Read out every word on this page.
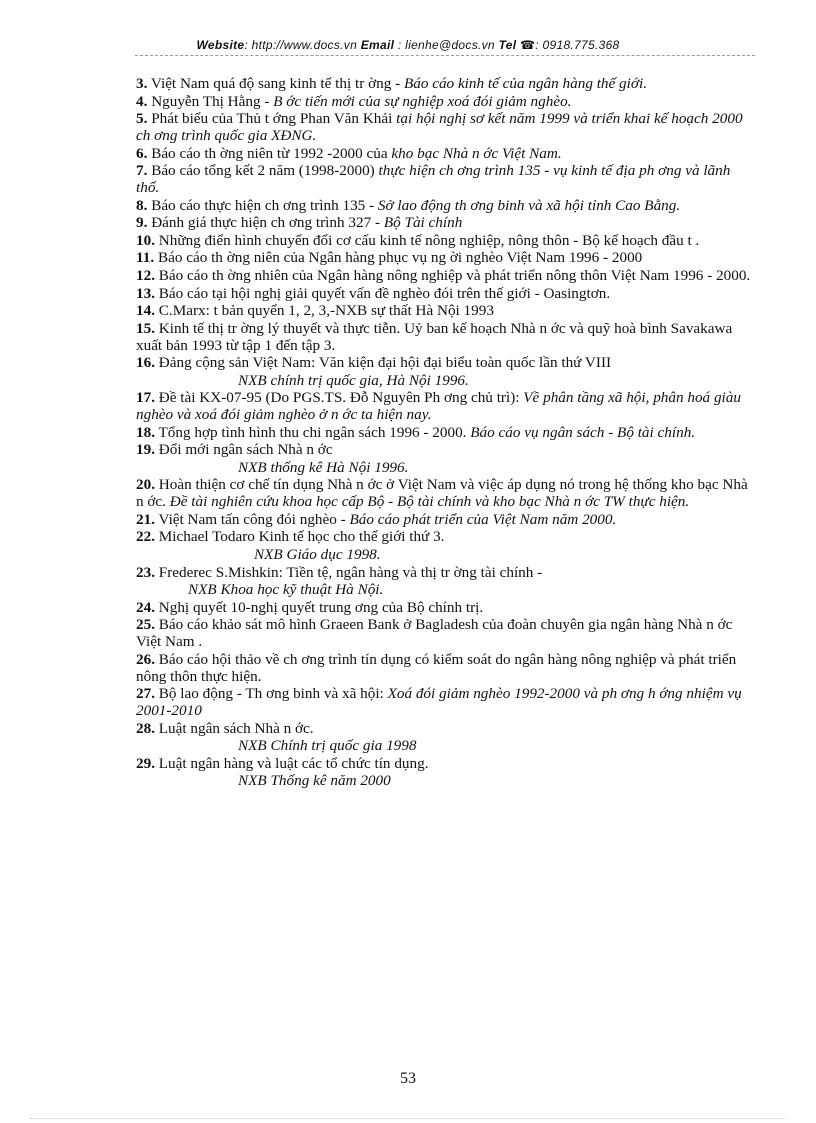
Website: http://www.docs.vn Email : lienhe@docs.vn Tel ☎: 0918.775.368
3. Việt Nam quá độ sang kinh tế thị tr ờng - Báo cáo kinh tế của ngân hàng thế giới.
4. Nguyễn Thị Hằng - B ớc tiến mới của sự nghiệp xoá đói giảm nghèo.
5. Phát biểu của Thủ t ớng Phan Văn Khải tại hội nghị sơ kết năm 1999 và triển khai kế hoạch 2000 ch ơng trình quốc gia XĐNG.
6. Báo cáo th ờng niên từ 1992 -2000 của kho bạc Nhà n ớc Việt Nam.
7. Báo cáo tổng kết 2 năm (1998-2000) thực hiện ch ơng trình 135 - vụ kinh tế địa ph ơng và lãnh thổ.
8. Báo cáo thực hiện ch ơng trình 135 - Sở lao động th ơng binh và xã hội tỉnh Cao Bằng.
9. Đánh giá thực hiện ch ơng trình 327 - Bộ Tài chính
10. Những điển hình chuyển đổi cơ cấu kinh tế nông nghiệp, nông thôn - Bộ kế hoạch đầu t .
11. Báo cáo th ờng niên của Ngân hàng phục vụ ng ời nghèo Việt Nam 1996 - 2000
12. Báo cáo th ờng nhiên của Ngân hàng nông nghiệp và phát triển nông thôn Việt Nam 1996 - 2000.
13. Báo cáo tại hội nghị giải quyết vấn đề nghèo đói trên thế giới - Oasingtơn.
14. C.Marx: t bản quyển 1, 2, 3,-NXB sự thất Hà Nội 1993
15. Kinh tế thị tr ờng lý thuyết và thực tiễn. Uỷ ban kế hoạch Nhà n ớc và quỹ hoà bình Savakawa xuất bản 1993 từ tập 1 đến tập 3.
16. Đảng cộng sản Việt Nam: Văn kiện đại hội đại biểu toàn quốc lần thứ VIII
NXB chính trị quốc gia, Hà Nội 1996.
17. Đề tài KX-07-95 (Do PGS.TS. Đỗ Nguyên Ph ơng chủ trì): Về phân tầng xã hội, phân hoá giàu nghèo và xoá đói giảm nghèo ở n ớc ta hiện nay.
18. Tổng hợp tình hình thu chi ngân sách 1996 - 2000. Báo cáo vụ ngân sách - Bộ tài chính.
19. Đổi mới ngân sách Nhà n ớc
NXB thống kê Hà Nội 1996.
20. Hoàn thiện cơ chế tín dụng Nhà n ớc ở Việt Nam và việc áp dụng nó trong hệ thống kho bạc Nhà n ớc. Đề tài nghiên cứu khoa học cấp Bộ - Bộ tài chính và kho bạc Nhà n ớc TW thực hiện.
21. Việt Nam tấn công đói nghèo - Báo cáo phát triển của Việt Nam năm 2000.
22. Michael Todaro Kinh tế học cho thế giới thứ 3.
NXB Giáo dục 1998.
23. Frederec S.Mishkin: Tiền tệ, ngân hàng và thị tr ờng tài chính -
NXB Khoa học kỹ thuật Hà Nội.
24. Nghị quyết 10-nghị quyết trung ơng của Bộ chính trị.
25. Báo cáo khảo sát mô hình Graeen Bank ở Bagladesh của đoàn chuyên gia ngân hàng Nhà n ớc Việt Nam .
26. Báo cáo hội thảo về ch ơng trình tín dụng có kiểm soát do ngân hàng nông nghiệp và phát triển nông thôn thực hiện.
27. Bộ lao động - Th ơng binh và xã hội: Xoá đói giảm nghèo 1992-2000 và ph ơng h ớng nhiệm vụ 2001-2010
28. Luật ngân sách Nhà n ớc.
NXB Chính trị quốc gia 1998
29. Luật ngân hàng và luật các tổ chức tín dụng.
NXB Thống kê năm 2000
53
